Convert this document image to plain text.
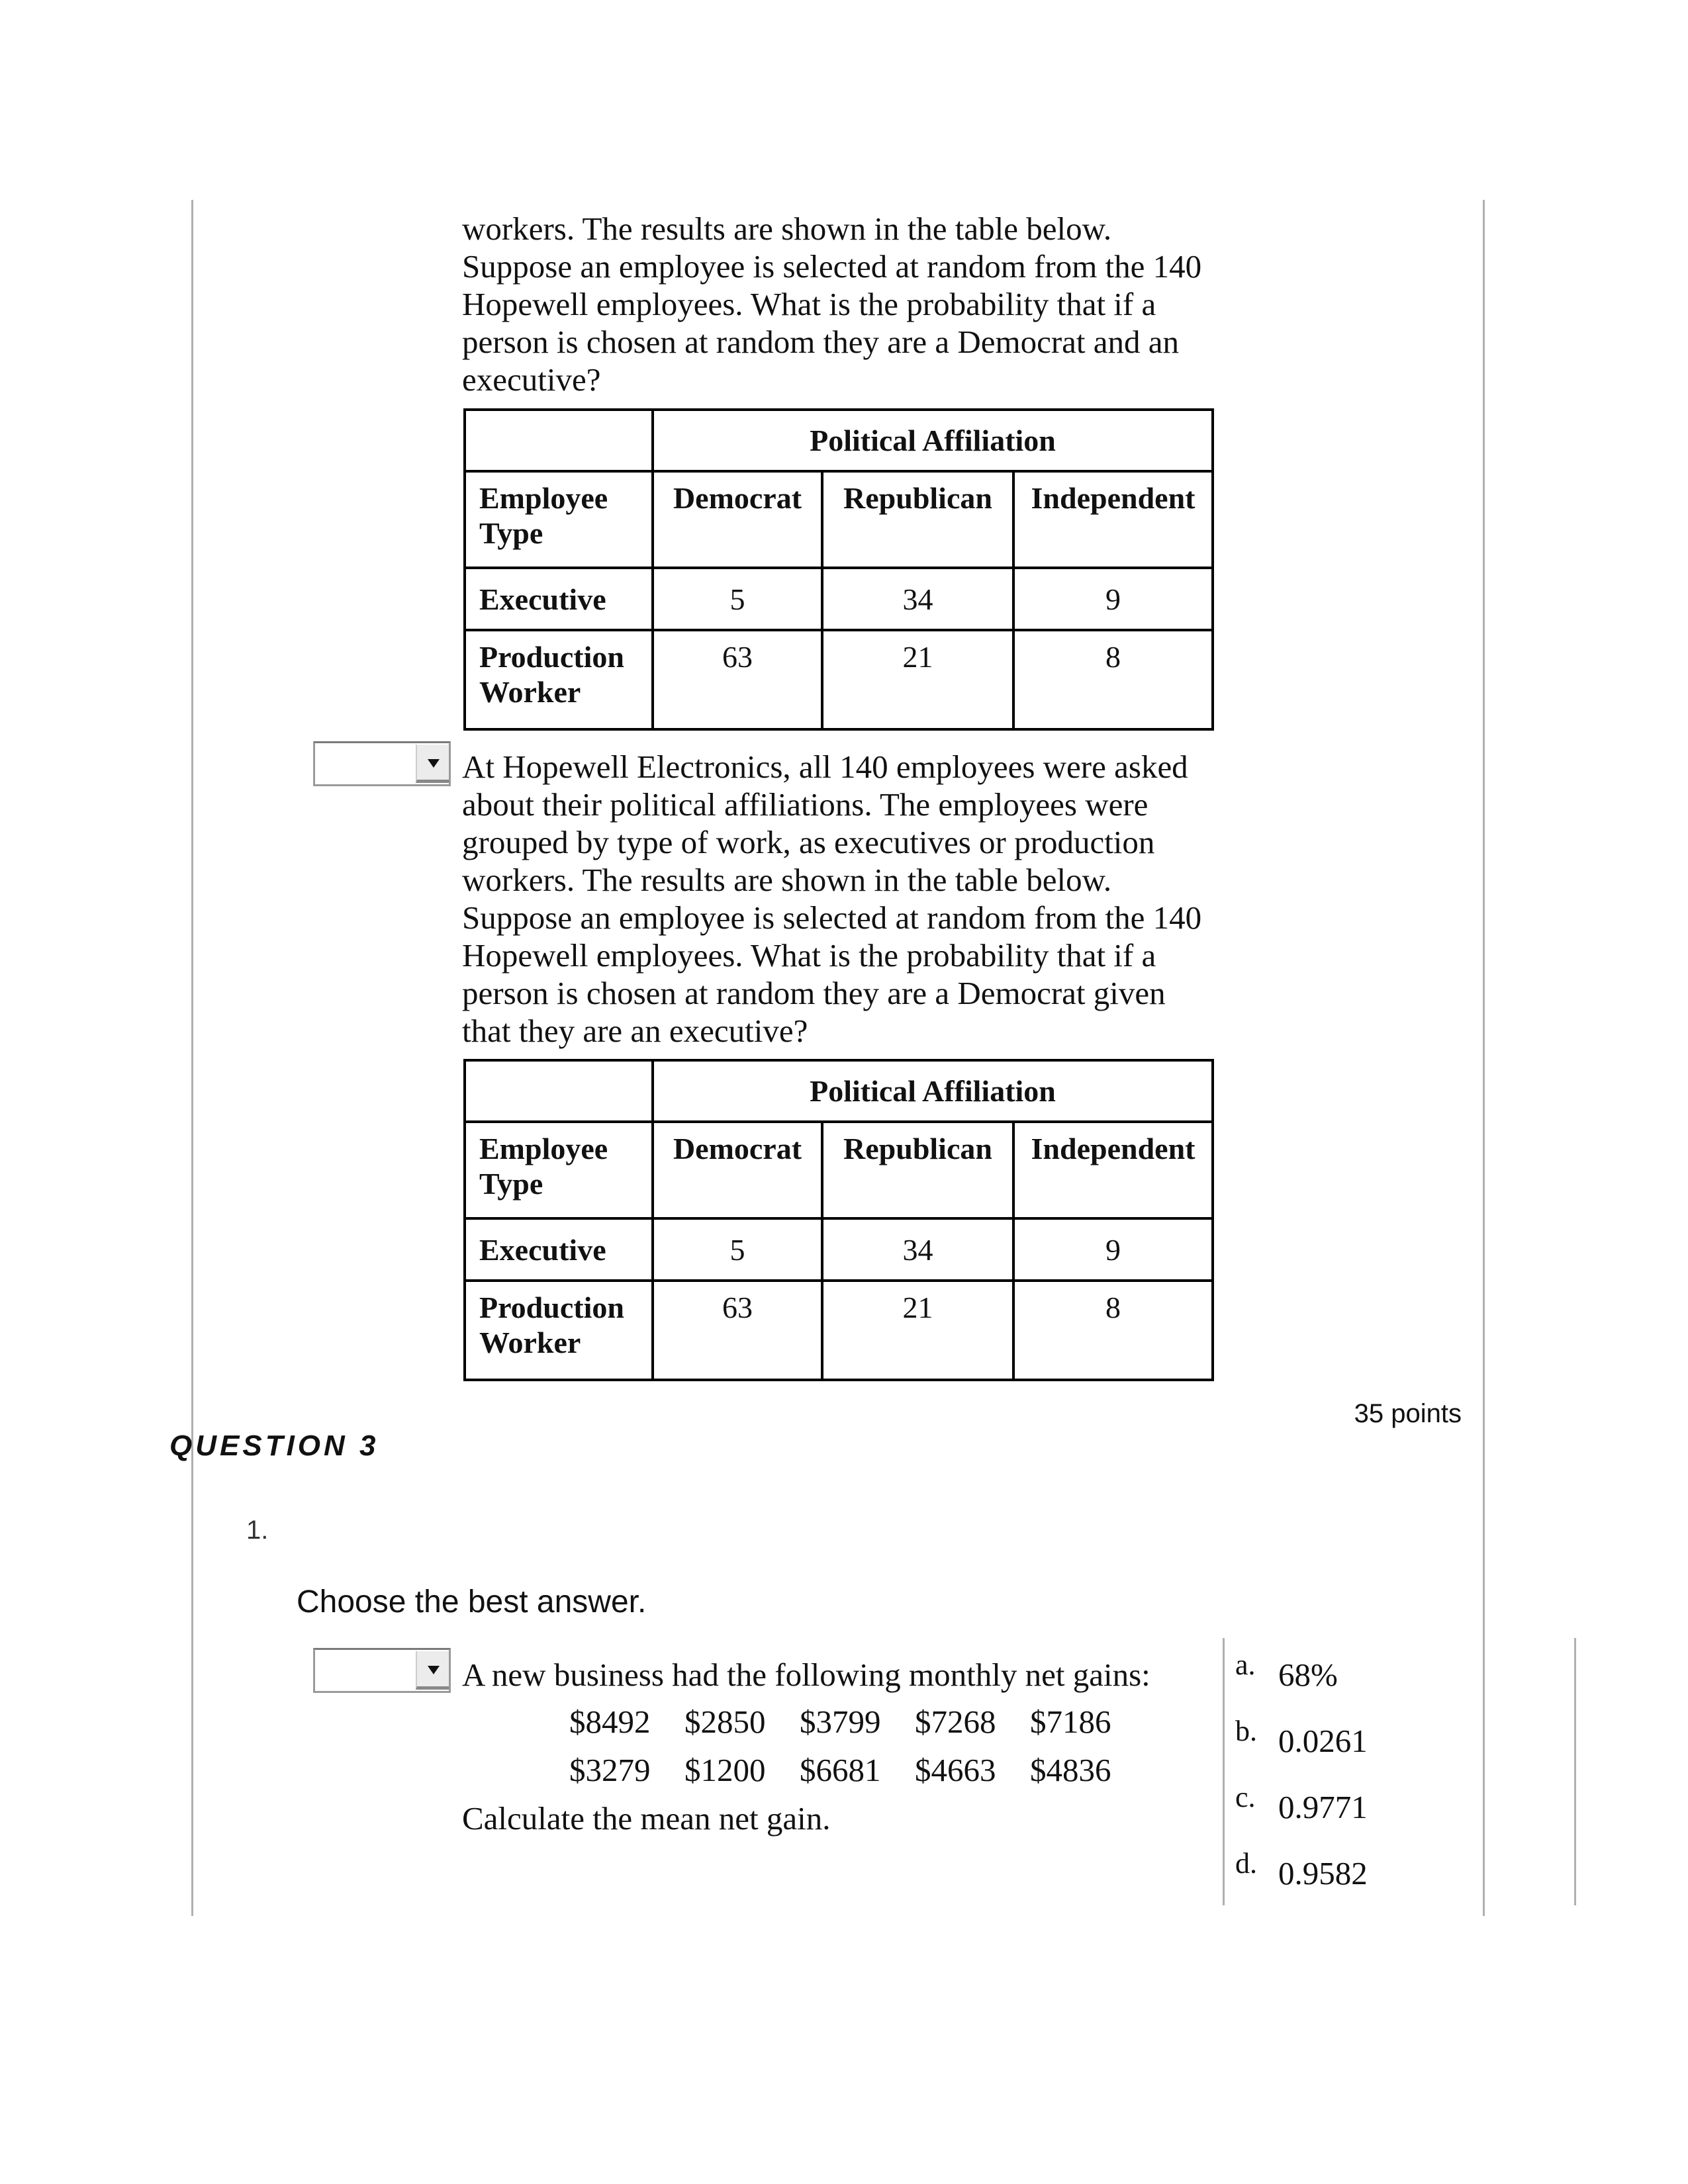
workers. The results are shown in the table below.
Suppose an employee is selected at random from the 140
Hopewell employees. What is the probability that if a
person is chosen at random they are a Democrat and an
executive?
	Political Affiliation		
Employee Type	Democrat	Republican	Independent
Executive	5	34	9
Production Worker	63	21	8
At Hopewell Electronics, all 140 employees were asked
about their political affiliations. The employees were
grouped by type of work, as executives or production
workers. The results are shown in the table below.
Suppose an employee is selected at random from the 140
Hopewell employees. What is the probability that if a
person is chosen at random they are a Democrat given
that they are an executive?
	Political Affiliation		
Employee Type	Democrat	Republican	Independent
Executive	5	34	9
Production Worker	63	21	8
35 points
QUESTION 3
1.
Choose the best answer.
A new business had the following monthly net gains:
$8492 $2850 $3799 $7268 $7186
$3279 $1200 $6681 $4663 $4836
Calculate the mean net gain.
a. 68%
b. 0.0261
c. 0.9771
d. 0.9582
